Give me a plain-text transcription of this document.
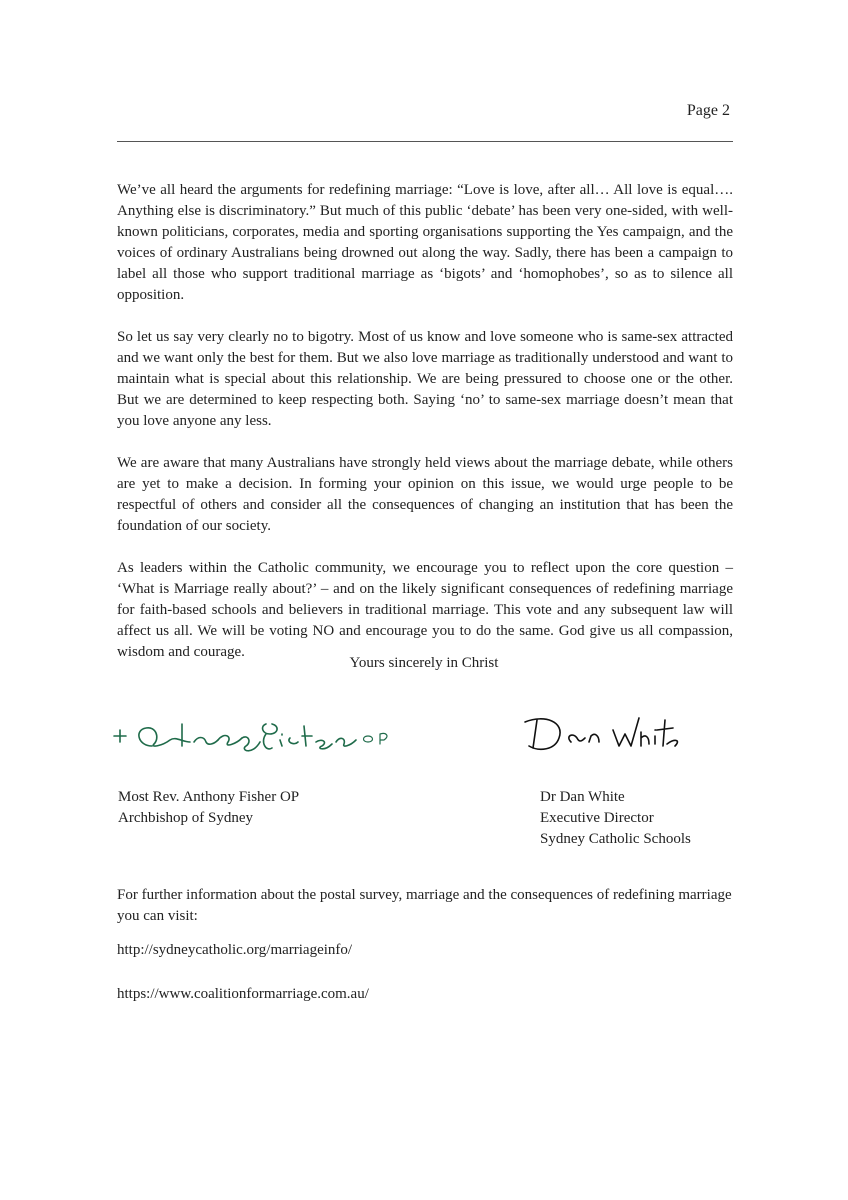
Page 2

We’ve all heard the arguments for redefining marriage: “Love is love, after all… All love is equal…. Anything else is discriminatory.” But much of this public ‘debate’ has been very one-sided, with well-known politicians, corporates, media and sporting organisations supporting the Yes campaign, and the voices of ordinary Australians being drowned out along the way. Sadly, there has been a campaign to label all those who support traditional marriage as ‘bigots’ and ‘homophobes’, so as to silence all opposition.

So let us say very clearly no to bigotry. Most of us know and love someone who is same-sex attracted and we want only the best for them. But we also love marriage as traditionally understood and want to maintain what is special about this relationship. We are being pressured to choose one or the other. But we are determined to keep respecting both. Saying ‘no’ to same-sex marriage doesn’t mean that you love anyone any less.

We are aware that many Australians have strongly held views about the marriage debate, while others are yet to make a decision. In forming your opinion on this issue, we would urge people to be respectful of others and consider all the consequences of changing an institution that has been the foundation of our society.

As leaders within the Catholic community, we encourage you to reflect upon the core question – ‘What is Marriage really about?’ – and on the likely significant consequences of redefining marriage for faith-based schools and believers in traditional marriage. This vote and any subsequent law will affect us all. We will be voting NO and encourage you to do the same. God give us all compassion, wisdom and courage.

Yours sincerely in Christ
Most Rev. Anthony Fisher OP
Archbishop of Sydney
Dr Dan White
Executive Director
Sydney Catholic Schools

For further information about the postal survey, marriage and the consequences of redefining marriage you can visit:

http://sydneycatholic.org/marriageinfo/
https://www.coalitionformarriage.com.au/
